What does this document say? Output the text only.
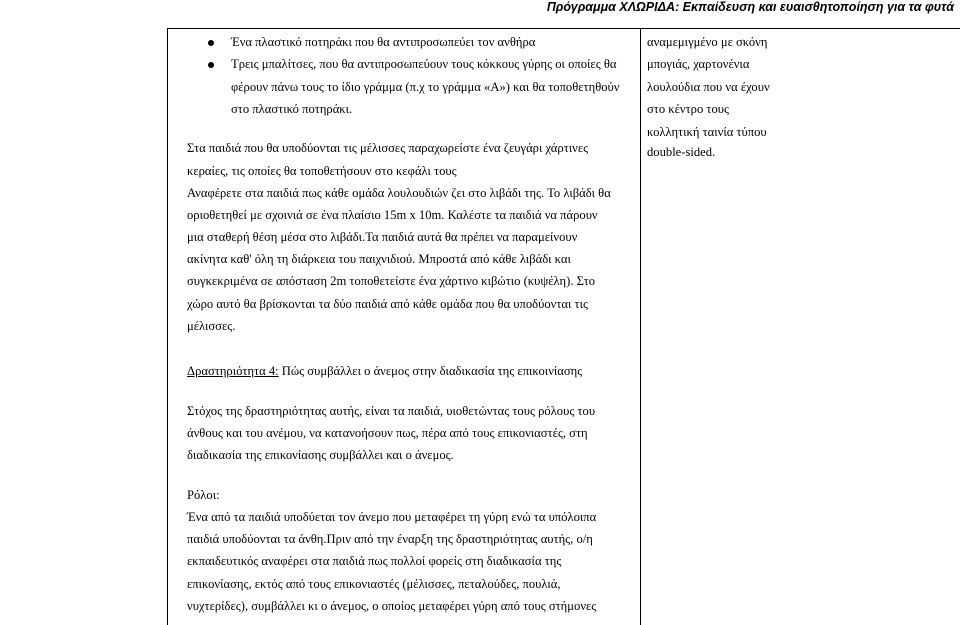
Πρόγραμμα ΧΛΩΡΙΔΑ: Εκπαίδευση και ευαισθητοποίηση για τα φυτά
Ένα πλαστικό ποτηράκι που θα αντιπροσωπεύει τον ανθήρα
Τρεις μπαλίτσες, που θα αντιπροσωπεύουν τους κόκκους γύρης οι οποίες θα
φέρουν πάνω τους το ίδιο γράμμα (π.χ το γράμμα «Α») και θα τοποθετηθούν
στο πλαστικό ποτηράκι.
Στα παιδιά που θα υποδύονται τις μέλισσες παραχωρείστε ένα ζευγάρι χάρτινες
κεραίες, τις οποίες θα τοποθετήσουν στο κεφάλι τους
Αναφέρετε στα παιδιά πως κάθε ομάδα λουλουδιών ζει στο λιβάδι της. Το λιβάδι θα
οριοθετηθεί με σχοινιά σε ένα πλαίσιο 15m x 10m. Καλέστε τα παιδιά να πάρουν
μια σταθερή θέση μέσα στο λιβάδι.Τα παιδιά αυτά θα πρέπει να παραμείνουν
ακίνητα καθ' όλη τη διάρκεια του παιχνιδιού. Μπροστά από κάθε λιβάδι και
συγκεκριμένα σε απόσταση 2m τοποθετείστε ένα χάρτινο κιβώτιο (κυψέλη). Στο
χώρο αυτό θα βρίσκονται τα δύο παιδιά από κάθε ομάδα που θα υποδύονται τις
μέλισσες.
Δραστηριότητα 4: Πώς συμβάλλει ο άνεμος στην διαδικασία της επικοινίασης
Στόχος της δραστηριότητας αυτής, είναι τα παιδιά, υιοθετώντας τους ρόλους του
άνθους και του ανέμου, να κατανοήσουν πως, πέρα από τους επικονιαστές, στη
διαδικασία της επικονίασης συμβάλλει και ο άνεμος.
Ρόλοι:
Ένα από τα παιδιά υποδύεται τον άνεμο που μεταφέρει τη γύρη ενώ τα υπόλοιπα
παιδιά υποδύονται τα άνθη.Πριν από την έναρξη της δραστηριότητας αυτής, ο/η
εκπαιδευτικός αναφέρει στα παιδιά πως πολλοί φορείς στη διαδικασία της
επικονίασης, εκτός από τους επικονιαστές (μέλισσες, πεταλούδες, πουλιά,
νυχτερίδες), συμβάλλει κι ο άνεμος, ο οποίος μεταφέρει γύρη από τους στήμονες
αναμεμιγμένο με σκόνη
μπογιάς, χαρτονένια
λουλούδια που να έχουν
στο κέντρο τους
κολλητική ταινία τύπου
double-sided.
